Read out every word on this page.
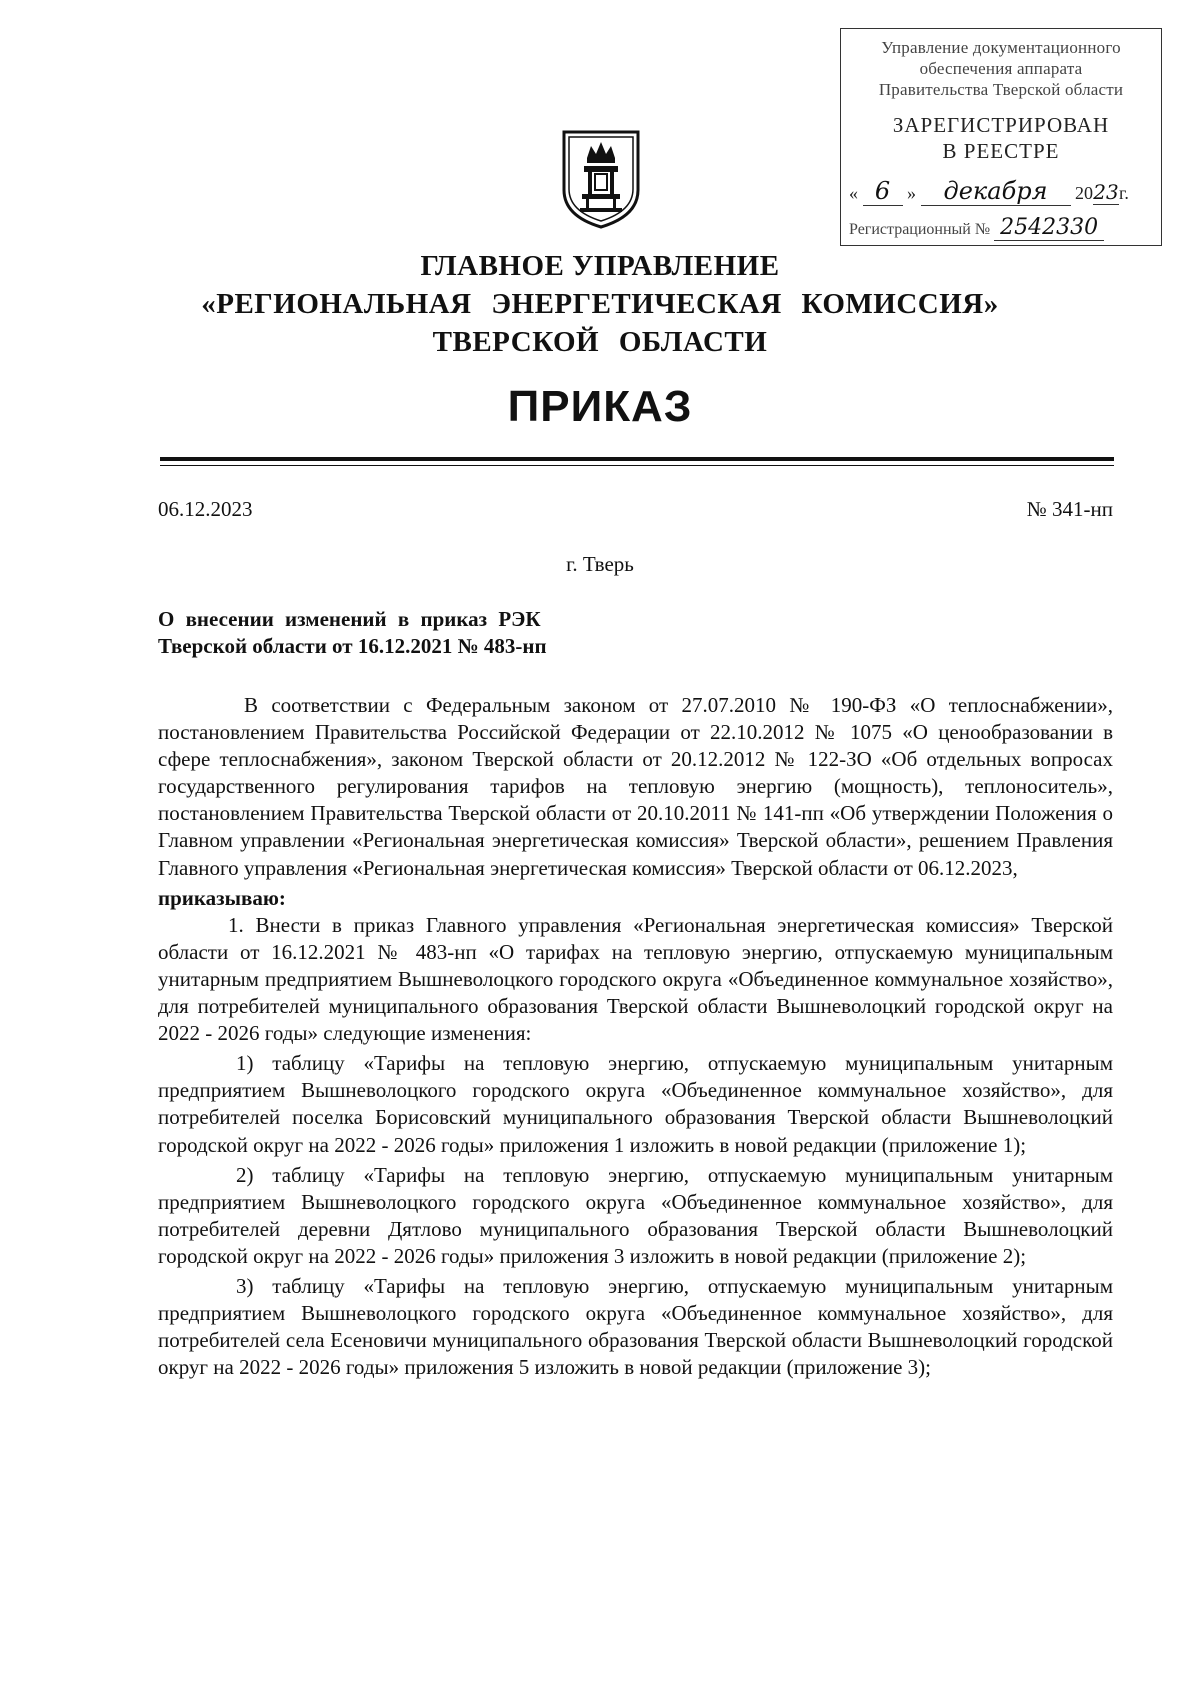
Управление документационного
обеспечения аппарата
Правительства Тверской области
ЗАРЕГИСТРИРОВАН
В РЕЕСТРЕ
« 6 » декабря 2023г.
Регистрационный № 2542330
ГЛАВНОЕ УПРАВЛЕНИЕ
«РЕГИОНАЛЬНАЯ ЭНЕРГЕТИЧЕСКАЯ КОМИССИЯ»
ТВЕРСКОЙ ОБЛАСТИ
ПРИКАЗ
06.12.2023	№ 341-нп
г. Тверь
О внесении изменений в приказ РЭК
Тверской области от 16.12.2021 № 483-нп

В соответствии с Федеральным законом от 27.07.2010 № 190-ФЗ «О теплоснабжении», постановлением Правительства Российской Федерации от 22.10.2012 № 1075 «О ценообразовании в сфере теплоснабжения», законом Тверской области от 20.12.2012 № 122-ЗО «Об отдельных вопросах государственного регулирования тарифов на тепловую энергию (мощность), теплоноситель», постановлением Правительства Тверской области от 20.10.2011 № 141-пп «Об утверждении Положения о Главном управлении «Региональная энергетическая комиссия» Тверской области», решением Правления Главного управления «Региональная энергетическая комиссия» Тверской области от 06.12.2023,

приказываю:

1. Внести в приказ Главного управления «Региональная энергетическая комиссия» Тверской области от 16.12.2021 № 483-нп «О тарифах на тепловую энергию, отпускаемую муниципальным унитарным предприятием Вышневолоцкого городского округа «Объединенное коммунальное хозяйство», для потребителей муниципального образования Тверской области Вышневолоцкий городской округ на 2022 - 2026 годы» следующие изменения:

1) таблицу «Тарифы на тепловую энергию, отпускаемую муниципальным унитарным предприятием Вышневолоцкого городского округа «Объединенное коммунальное хозяйство», для потребителей поселка Борисовский муниципального образования Тверской области Вышневолоцкий городской округ на 2022 - 2026 годы» приложения 1 изложить в новой редакции (приложение 1);

2) таблицу «Тарифы на тепловую энергию, отпускаемую муниципальным унитарным предприятием Вышневолоцкого городского округа «Объединенное коммунальное хозяйство», для потребителей деревни Дятлово муниципального образования Тверской области Вышневолоцкий городской округ на 2022 - 2026 годы» приложения 3 изложить в новой редакции (приложение 2);

3) таблицу «Тарифы на тепловую энергию, отпускаемую муниципальным унитарным предприятием Вышневолоцкого городского округа «Объединенное коммунальное хозяйство», для потребителей села Есеновичи муниципального образования Тверской области Вышневолоцкий городской округ на 2022 - 2026 годы» приложения 5 изложить в новой редакции (приложение 3);
